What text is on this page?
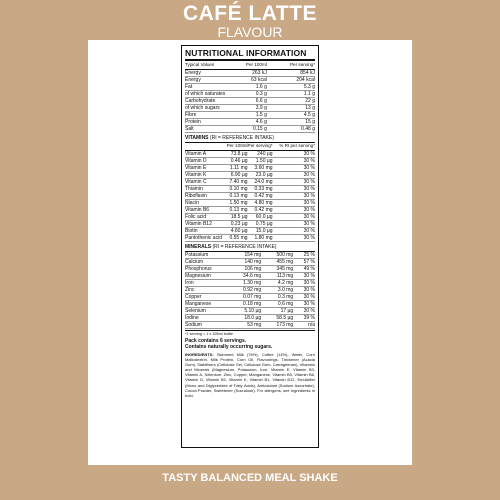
CAFÉ LATTE
FLAVOUR
NUTRITIONAL INFORMATION
Typical Values	Per 100ml	Per serving*
Energy	263 kJ	854 kJ
Energy	63 kcal	204 kcal
Fat	1.6 g	5.3 g
of which saturates	0.3 g	1.1 g
Carbohydrate	6.6 g	22 g
of which sugars	3.9 g	13 g
Fibre	1.5 g	4.5 g
Protein	4.6 g	15 g
Salt	0.15 g	0.48 g
VITAMINS (RI = REFERENCE INTAKE)
	Per 100ml	Per serving*	% RI per serving*
Vitamin A	73.8 µg	240 µg	30 %
Vitamin D	0.46 µg	1.50 µg	30 %
Vitamin E	1.11 mg	3.60 mg	30 %
Vitamin K	6.90 µg	23.0 µg	30 %
Vitamin C	7.40 mg	24.0 mg	30 %
Thiamin	0.10 mg	0.33 mg	30 %
Riboflavin	0.13 mg	0.42 mg	30 %
Niacin	1.50 mg	4.80 mg	30 %
Vitamin B6	0.13 mg	0.42 mg	30 %
Folic acid	18.5 µg	60.0 µg	30 %
Vitamin B12	0.23 µg	0.75 µg	30 %
Biotin	4.60 µg	15.0 µg	30 %
Pantothenic acid	0.55 mg	1.80 mg	30 %
MINERALS (RI = REFERENCE INTAKE)
Potassium	154 mg	500 mg	25 %
Calcium	140 mg	455 mg	57 %
Phosphorus	106 mg	345 mg	49 %
Magnesium	34.6 mg	113 mg	30 %
Iron	1.30 mg	4.2 mg	30 %
Zinc	0.92 mg	3.0 mg	30 %
Copper	0.07 mg	0.3 mg	30 %
Manganese	0.18 mg	0.6 mg	30 %
Selenium	5.10 µg	17 µg	30 %
Iodine	18.0 µg	58.5 µg	39 %
Sodium	53 mg	173 mg	n/a
*1 serving = 1 x 325ml bottle
Pack contains 6 servings.
Contains naturally occurring sugars.
INGREDIENTS: Skimmed Milk (76%), Coffee (14%), Water, Corn Maltodextrin, Milk Protein, Corn Oil, Flavourings, Thickener (Acacia Gum), Stabilisers (Cellulose Gel, Cellulose Gum, Carrageenan), Vitamins and Minerals (Magnesium, Potassium, Iron, Vitamin E, Vitamin B3, Vitamin A, Selenium, Zinc, Copper, Manganese, Vitamin B5, Vitamin B6, Vitamin D, Vitamin B2, Vitamin K, Vitamin B1, Vitamin B12, Emulsifier (Mono and Diglycerides of Fatty Acids), Antioxidant (Sodium Ascorbate), Cocoa Powder, Sweetener (Sucralose). For allergens, see ingredients in bold.
TASTY BALANCED MEAL SHAKE
